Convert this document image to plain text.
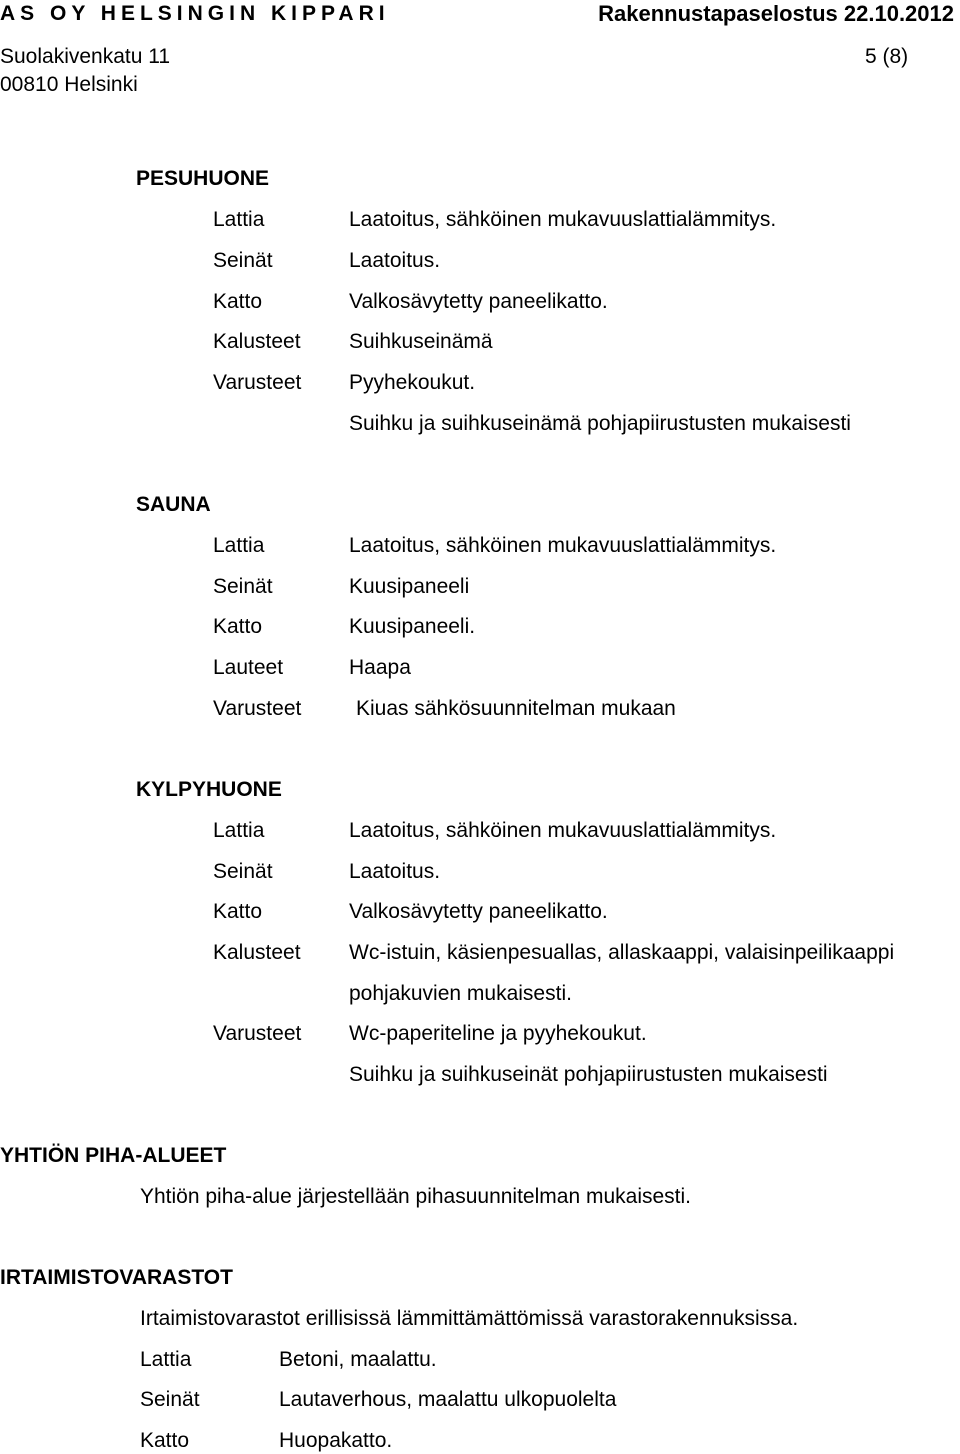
AS OY HELSINGIN KIPPARI	Rakennustapaselostus 22.10.2012
Suolakivenkatu 11	5 (8)
00810 Helsinki
PESUHUONE
Lattia	Laatoitus, sähköinen mukavuuslattialämmitys.
Seinät	Laatoitus.
Katto	Valkosävytetty paneelikatto.
Kalusteet Suihkuseinämä
Varusteet Pyyhekoukut.
Suihku ja suihkuseinämä pohjapiirustusten mukaisesti
SAUNA
Lattia	Laatoitus, sähköinen mukavuuslattialämmitys.
Seinät	Kuusipaneeli
Katto	Kuusipaneeli.
Lauteet	Haapa
Varusteet	Kiuas sähkösuunnitelman mukaan
KYLPYHUONE
Lattia	Laatoitus, sähköinen mukavuuslattialämmitys.
Seinät	Laatoitus.
Katto	Valkosävytetty paneelikatto.
Kalusteet Wc-istuin, käsienpesuallas, allaskaappi, valaisinpeilikaappi
pohjakuvien mukaisesti.
Varusteet Wc-paperiteline ja pyyhekoukut.
Suihku ja suihkuseinät pohjapiirustusten mukaisesti
YHTIÖN PIHA-ALUEET
Yhtiön piha-alue järjestellään pihasuunnitelman mukaisesti.
IRTAIMISTOVARASTOT
Irtaimistovarastot erillisissä lämmittämättömissä varastorakennuksissa.
Lattia	Betoni, maalattu.
Seinät	Lautaverhous, maalattu ulkopuolelta
Katto	Huopakatto.
